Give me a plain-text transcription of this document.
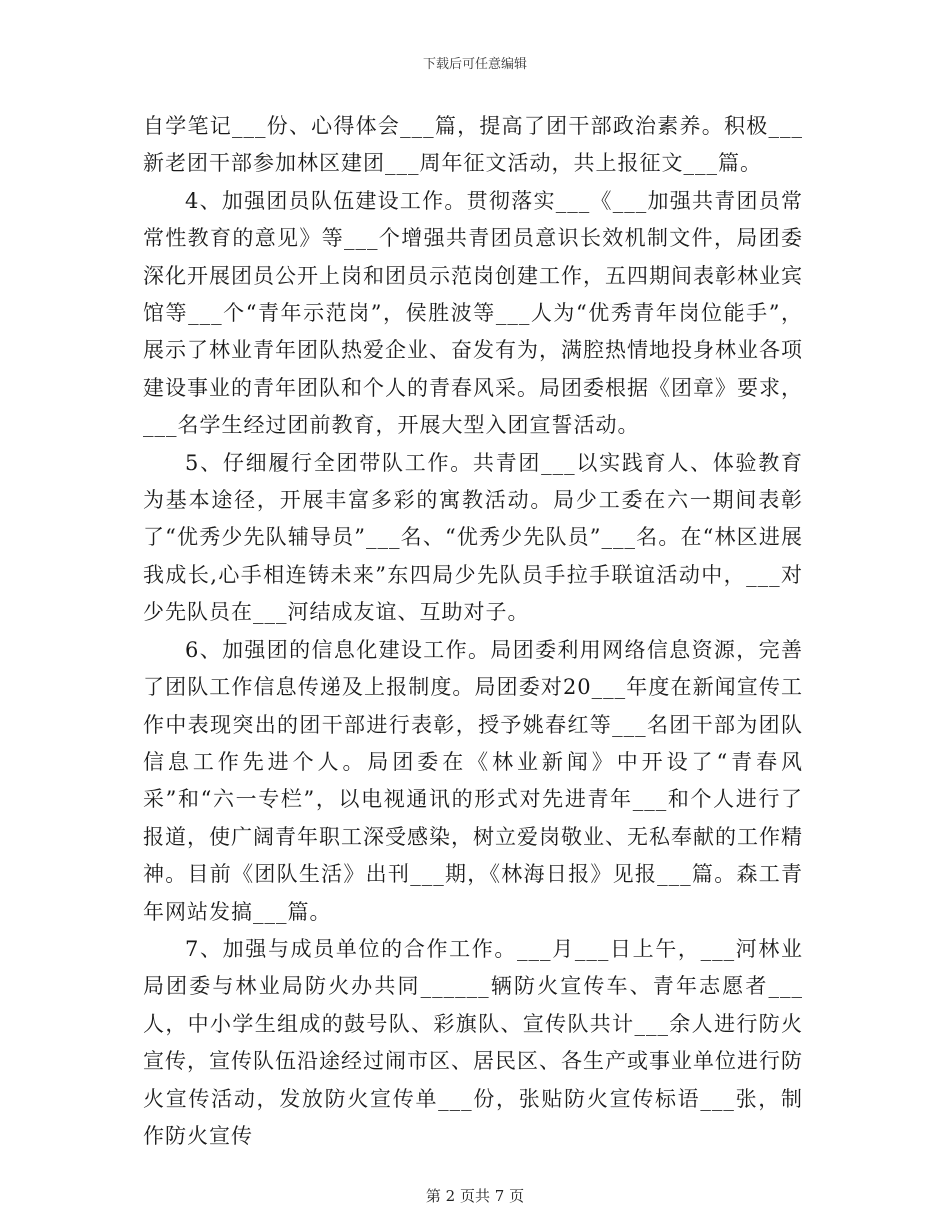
下载后可任意编辑

自学笔记___份、心得体会___篇，提高了团干部政治素养。积极___新老团干部参加林区建团___周年征文活动，共上报征文___篇。

4、加强团员队伍建设工作。贯彻落实___《___加强共青团员常常性教育的意见》等___个增强共青团员意识长效机制文件，局团委深化开展团员公开上岗和团员示范岗创建工作，五四期间表彰林业宾馆等___个“青年示范岗”，侯胜波等___人为“优秀青年岗位能手”，展示了林业青年团队热爱企业、奋发有为，满腔热情地投身林业各项建设事业的青年团队和个人的青春风采。局团委根据《团章》要求，___名学生经过团前教育，开展大型入团宣誓活动。

5、仔细履行全团带队工作。共青团___以实践育人、体验教育为基本途径，开展丰富多彩的寓教活动。局少工委在六一期间表彰了“优秀少先队辅导员”___名、“优秀少先队员”___名。在“林区进展我成长,心手相连铸未来”东四局少先队员手拉手联谊活动中，___对少先队员在___河结成友谊、互助对子。

6、加强团的信息化建设工作。局团委利用网络信息资源，完善了团队工作信息传递及上报制度。局团委对20___年度在新闻宣传工作中表现突出的团干部进行表彰，授予姚春红等___名团干部为团队信息工作先进个人。局团委在《林业新闻》中开设了“青春风采”和“六一专栏”，以电视通讯的形式对先进青年___和个人进行了报道，使广阔青年职工深受感染，树立爱岗敬业、无私奉献的工作精神。目前《团队生活》出刊___期，《林海日报》见报___篇。森工青年网站发搞___篇。

7、加强与成员单位的合作工作。___月___日上午，___河林业局团委与林业局防火办共同______辆防火宣传车、青年志愿者___人，中小学生组成的鼓号队、彩旗队、宣传队共计___余人进行防火宣传，宣传队伍沿途经过闹市区、居民区、各生产或事业单位进行防火宣传活动，发放防火宣传单___份，张贴防火宣传标语___张，制作防火宣传

第 2 页共 7 页
